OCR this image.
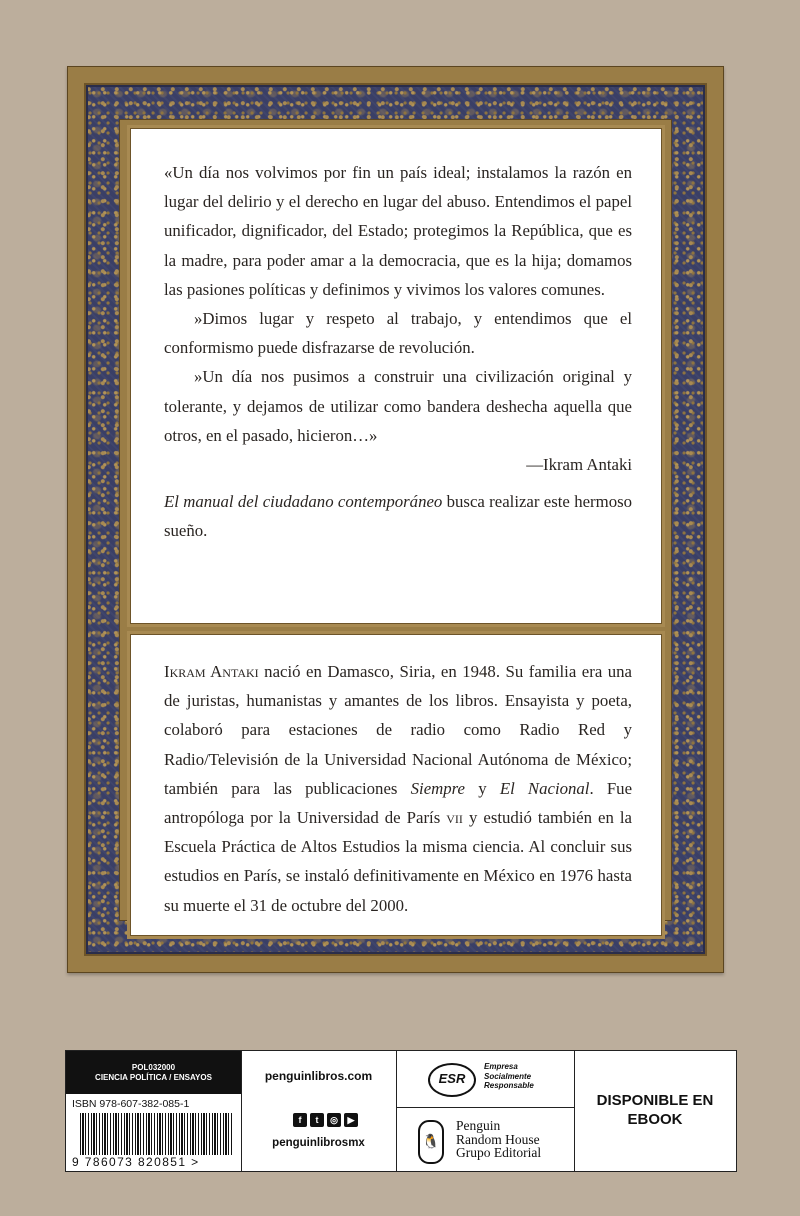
«Un día nos volvimos por fin un país ideal; instalamos la razón en lugar del delirio y el derecho en lugar del abuso. Entendimos el papel unificador, dignificador, del Estado; protegimos la República, que es la madre, para poder amar a la democracia, que es la hija; domamos las pasiones políticas y definimos y vivimos los valores comunes.

»Dimos lugar y respeto al trabajo, y entendimos que el conformismo puede disfrazarse de revolución.

»Un día nos pusimos a construir una civilización original y tolerante, y dejamos de utilizar como bandera deshecha aquella que otros, en el pasado, hicieron…»

—Ikram Antaki

El manual del ciudadano contemporáneo busca realizar este hermoso sueño.

Ikram Antaki nació en Damasco, Siria, en 1948. Su familia era una de juristas, humanistas y amantes de los libros. Ensayista y poeta, colaboró para estaciones de radio como Radio Red y Radio/Televisión de la Universidad Nacional Autónoma de México; también para las publicaciones Siempre y El Nacional. Fue antropóloga por la Universidad de París vii y estudió también en la Escuela Práctica de Altos Estudios la misma ciencia. Al concluir sus estudios en París, se instaló definitivamente en México en 1976 hasta su muerte el 31 de octubre del 2000.

POL032000
CIENCIA POLÍTICA / ENSAYOS
ISBN 978-607-382-085-1
9 786073 820851 >
penguinlibros.com
f	t	◎	▶
penguinlibrosmx
ESR
Empresa
Socialmente
Responsable
🐧
Penguin
Random House
Grupo Editorial
DISPONIBLE EN
EBOOK
